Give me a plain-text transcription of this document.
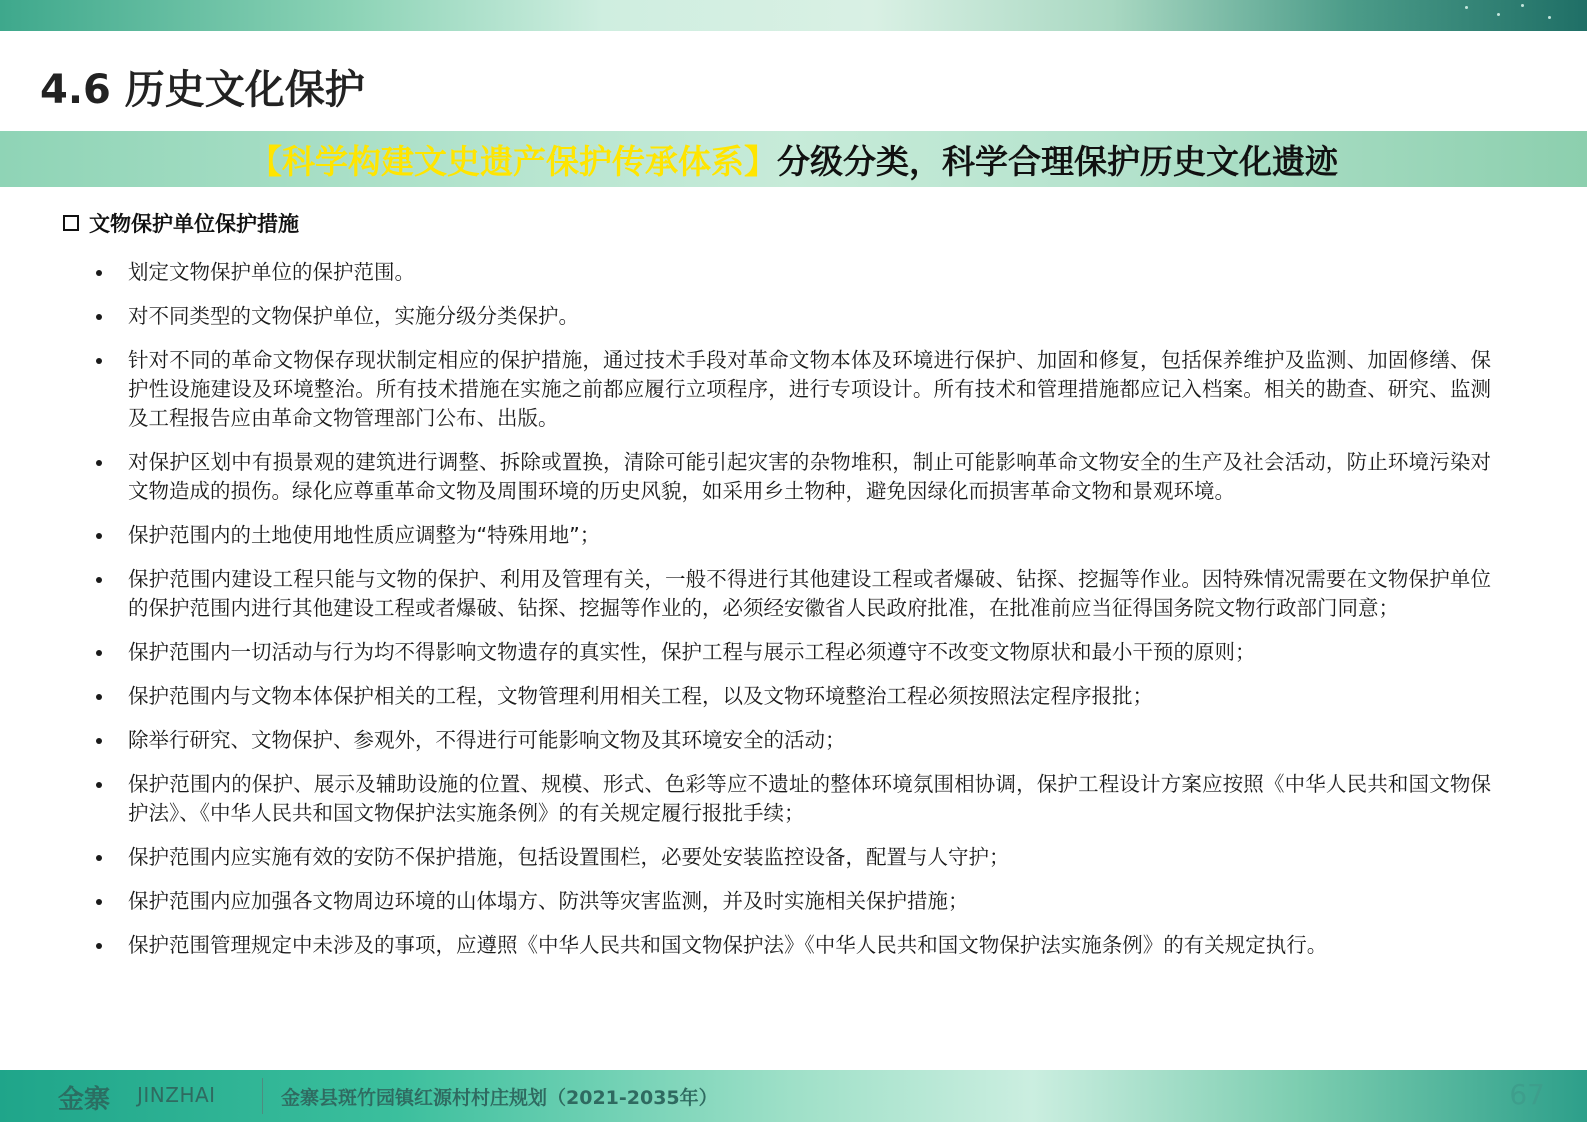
4.6 历史文化保护
【科学构建文史遗产保护传承体系】 分级分类，科学合理保护历史文化遗迹
文物保护单位保护措施
划定文物保护单位的保护范围。
对不同类型的文物保护单位，实施分级分类保护。
针对不同的革命文物保存现状制定相应的保护措施，通过技术手段对革命文物本体及环境进行保护、加固和修复，包括保养维护及监测、加固修缮、保护性设施建设及环境整治。所有技术措施在实施之前都应履行立项程序，进行专项设计。所有技术和管理措施都应记入档案。相关的勘查、研究、监测及工程报告应由革命文物管理部门公布、出版。
对保护区划中有损景观的建筑进行调整、拆除或置换，清除可能引起灾害的杂物堆积，制止可能影响革命文物安全的生产及社会活动，防止环境污染对文物造成的损伤。绿化应尊重革命文物及周围环境的历史风貌，如采用乡土物种，避免因绿化而损害革命文物和景观环境。
保护范围内的土地使用地性质应调整为“特殊用地”；
保护范围内建设工程只能与文物的保护、利用及管理有关，一般不得进行其他建设工程或者爆破、钻探、挖掘等作业。因特殊情况需要在文物保护单位的保护范围内进行其他建设工程或者爆破、钻探、挖掘等作业的，必须经安徽省人民政府批准，在批准前应当征得国务院文物行政部门同意；
保护范围内一切活动与行为均不得影响文物遗存的真实性，保护工程与展示工程必须遵守不改变文物原状和最小干预的原则；
保护范围内与文物本体保护相关的工程，文物管理利用相关工程，以及文物环境整治工程必须按照法定程序报批；
除举行研究、文物保护、参观外，不得进行可能影响文物及其环境安全的活动；
保护范围内的保护、展示及辅助设施的位置、规模、形式、色彩等应不遗址的整体环境氛围相协调，保护工程设计方案应按照《中华人民共和国文物保护法》、《中华人民共和国文物保护法实施条例》的有关规定履行报批手续；
保护范围内应实施有效的安防不保护措施，包括设置围栏，必要处安装监控设备，配置与人守护；
保护范围内应加强各文物周边环境的山体塌方、防洪等灾害监测，并及时实施相关保护措施；
保护范围管理规定中未涉及的事项，应遵照《中华人民共和国文物保护法》《中华人民共和国文物保护法实施条例》的有关规定执行。
金寨 JINZHAI	金寨县斑竹园镇红源村村庄规划（2021-2035年）	67
